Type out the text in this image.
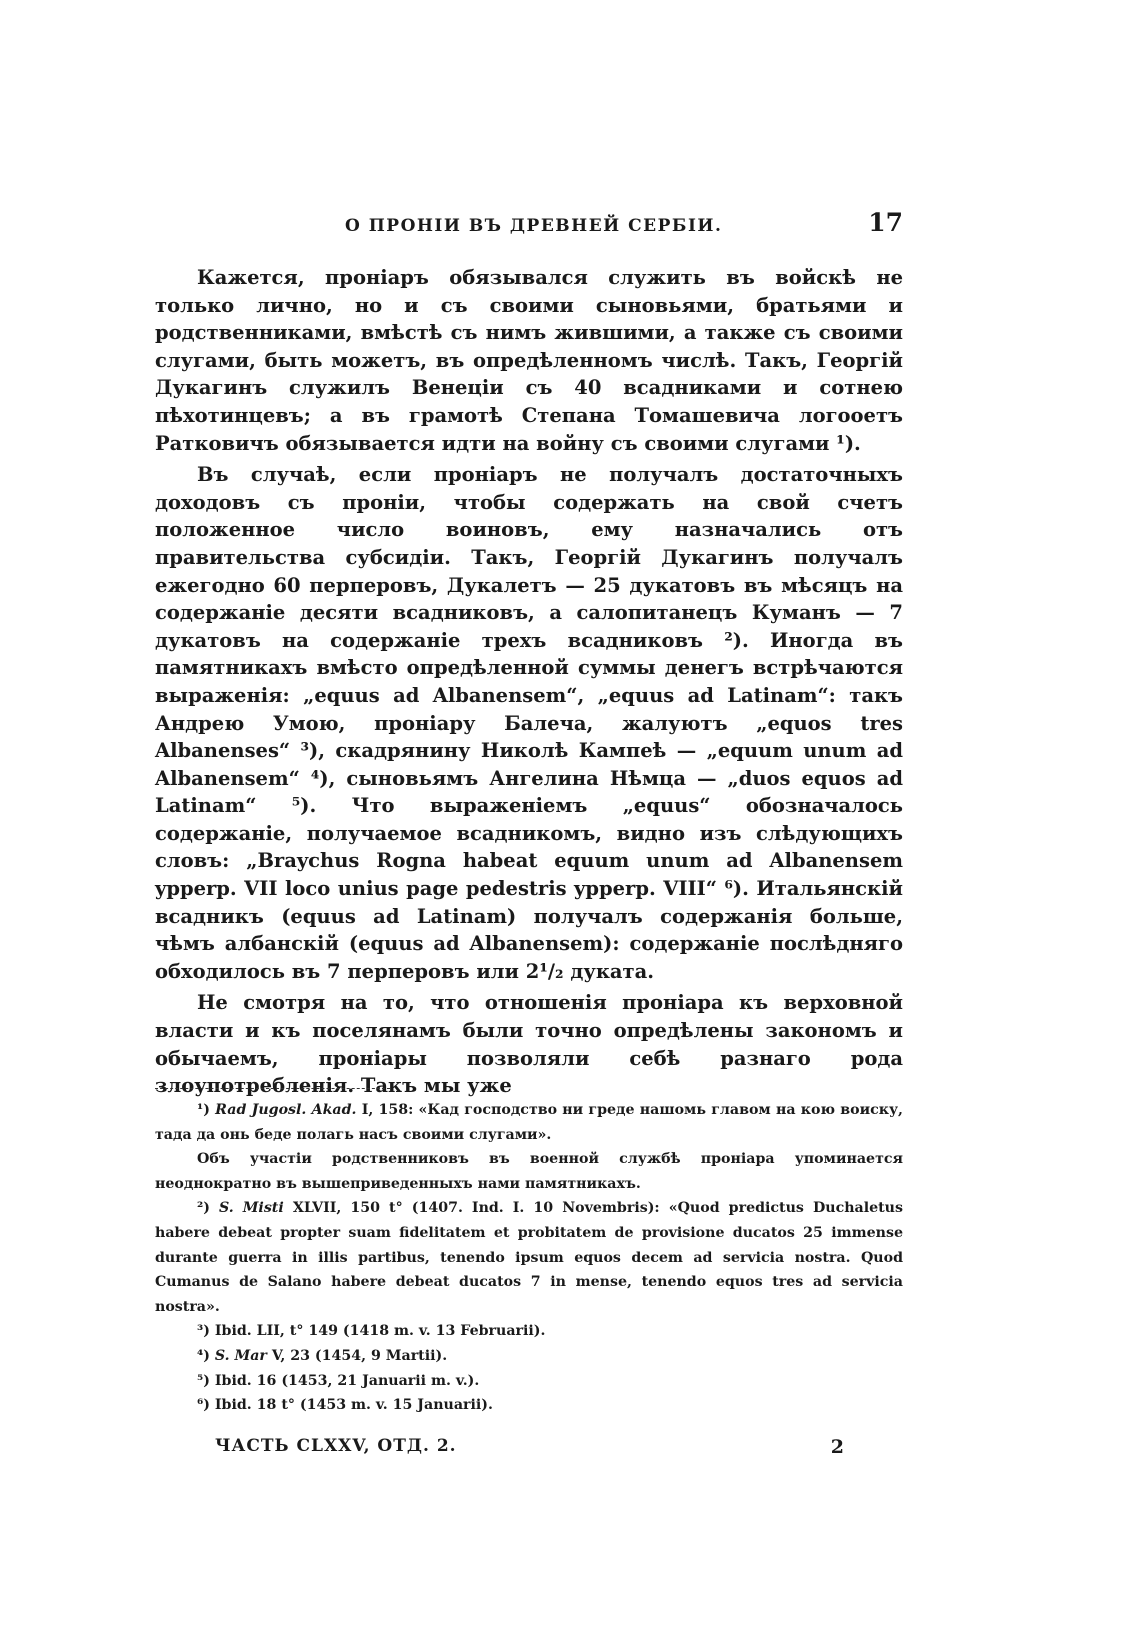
О ПРОНІИ ВЪ ДРЕВНЕЙ СЕРБІИ.	17

Кажется, проніаръ обязывался служить въ войскѣ не только лично, но и съ своими сыновьями, братьями и родственниками, вмѣстѣ съ нимъ жившими, а также съ своими слугами, быть можетъ, въ опредѣленномъ числѣ. Такъ, Георгій Дукагинъ служилъ Венеціи съ 40 всадниками и сотнею пѣхотинцевъ; а въ грамотѣ Степана Томашевича логооетъ Ратковичъ обязывается идти на войну съ своими слугами ¹).

Въ случаѣ, если проніаръ не получалъ достаточныхъ доходовъ съ проніи, чтобы содержать на свой счетъ положенное число воиновъ, ему назначались отъ правительства субсидіи. Такъ, Георгій Дукагинъ получалъ ежегодно 60 перперовъ, Дукалетъ — 25 дукатовъ въ мѣсяцъ на содержаніе десяти всадниковъ, а салопитанецъ Куманъ — 7 дукатовъ на содержаніе трехъ всадниковъ ²). Иногда въ памятникахъ вмѣсто опредѣленной суммы денегъ встрѣчаются выраженія: „equus ad Albanensem“, „equus ad Latinam“: такъ Андрею Умою, проніару Балеча, жалуютъ „equos tres Albanenses“ ³), скадрянину Николѣ Кампеѣ — „equum unum ad Albanensem“ ⁴), сыновьямъ Ангелина Нѣмца — „duos equos ad Latinam“ ⁵). Что выраженіемъ „equus“ обозначалось содержаніе, получаемое всадникомъ, видно изъ слѣдующихъ словъ: „Braychus Rogna habeat equum unum ad Albanensem ypperp. VII loco unius page pedestris ypperp. VIII“ ⁶). Итальянскій всадникъ (equus ad Latinam) получалъ содержанія больше, чѣмъ албанскій (equus ad Albanensem): содержаніе послѣдняго обходилось въ 7 перперовъ или 2¹/₂ дуката.

Не смотря на то, что отношенія проніара къ верховной власти и къ поселянамъ были точно опредѣлены закономъ и обычаемъ, проніары позволяли себѣ разнаго рода злоупотребленія. Такъ мы уже

¹) Rad Jugosl. Akad. I, 158: «Кад господство ни греде нашомь главом на кою воиску, тада да онь беде полагь насъ своими слугами».

Объ участіи родственниковъ въ военной службѣ проніара упоминается неоднократно въ вышеприведенныхъ нами памятникахъ.

²) S. Misti XLVII, 150 t° (1407. Ind. I. 10 Novembris): «Quod predictus Duchaletus habere debeat propter suam fidelitatem et probitatem de provisione ducatos 25 immense durante guerra in illis partibus, tenendo ipsum equos decem ad servicia nostra. Quod Cumanus de Salano habere debeat ducatos 7 in mense, tenendo equos tres ad servicia nostra».

³) Ibid. LII, t° 149 (1418 m. v. 13 Februarii).

⁴) S. Mar V, 23 (1454, 9 Martii).

⁵) Ibid. 16 (1453, 21 Januarii m. v.).

⁶) Ibid. 18 t° (1453 m. v. 15 Januarii).

ЧАСТЬ CLXXV, ОТД. 2.	2
